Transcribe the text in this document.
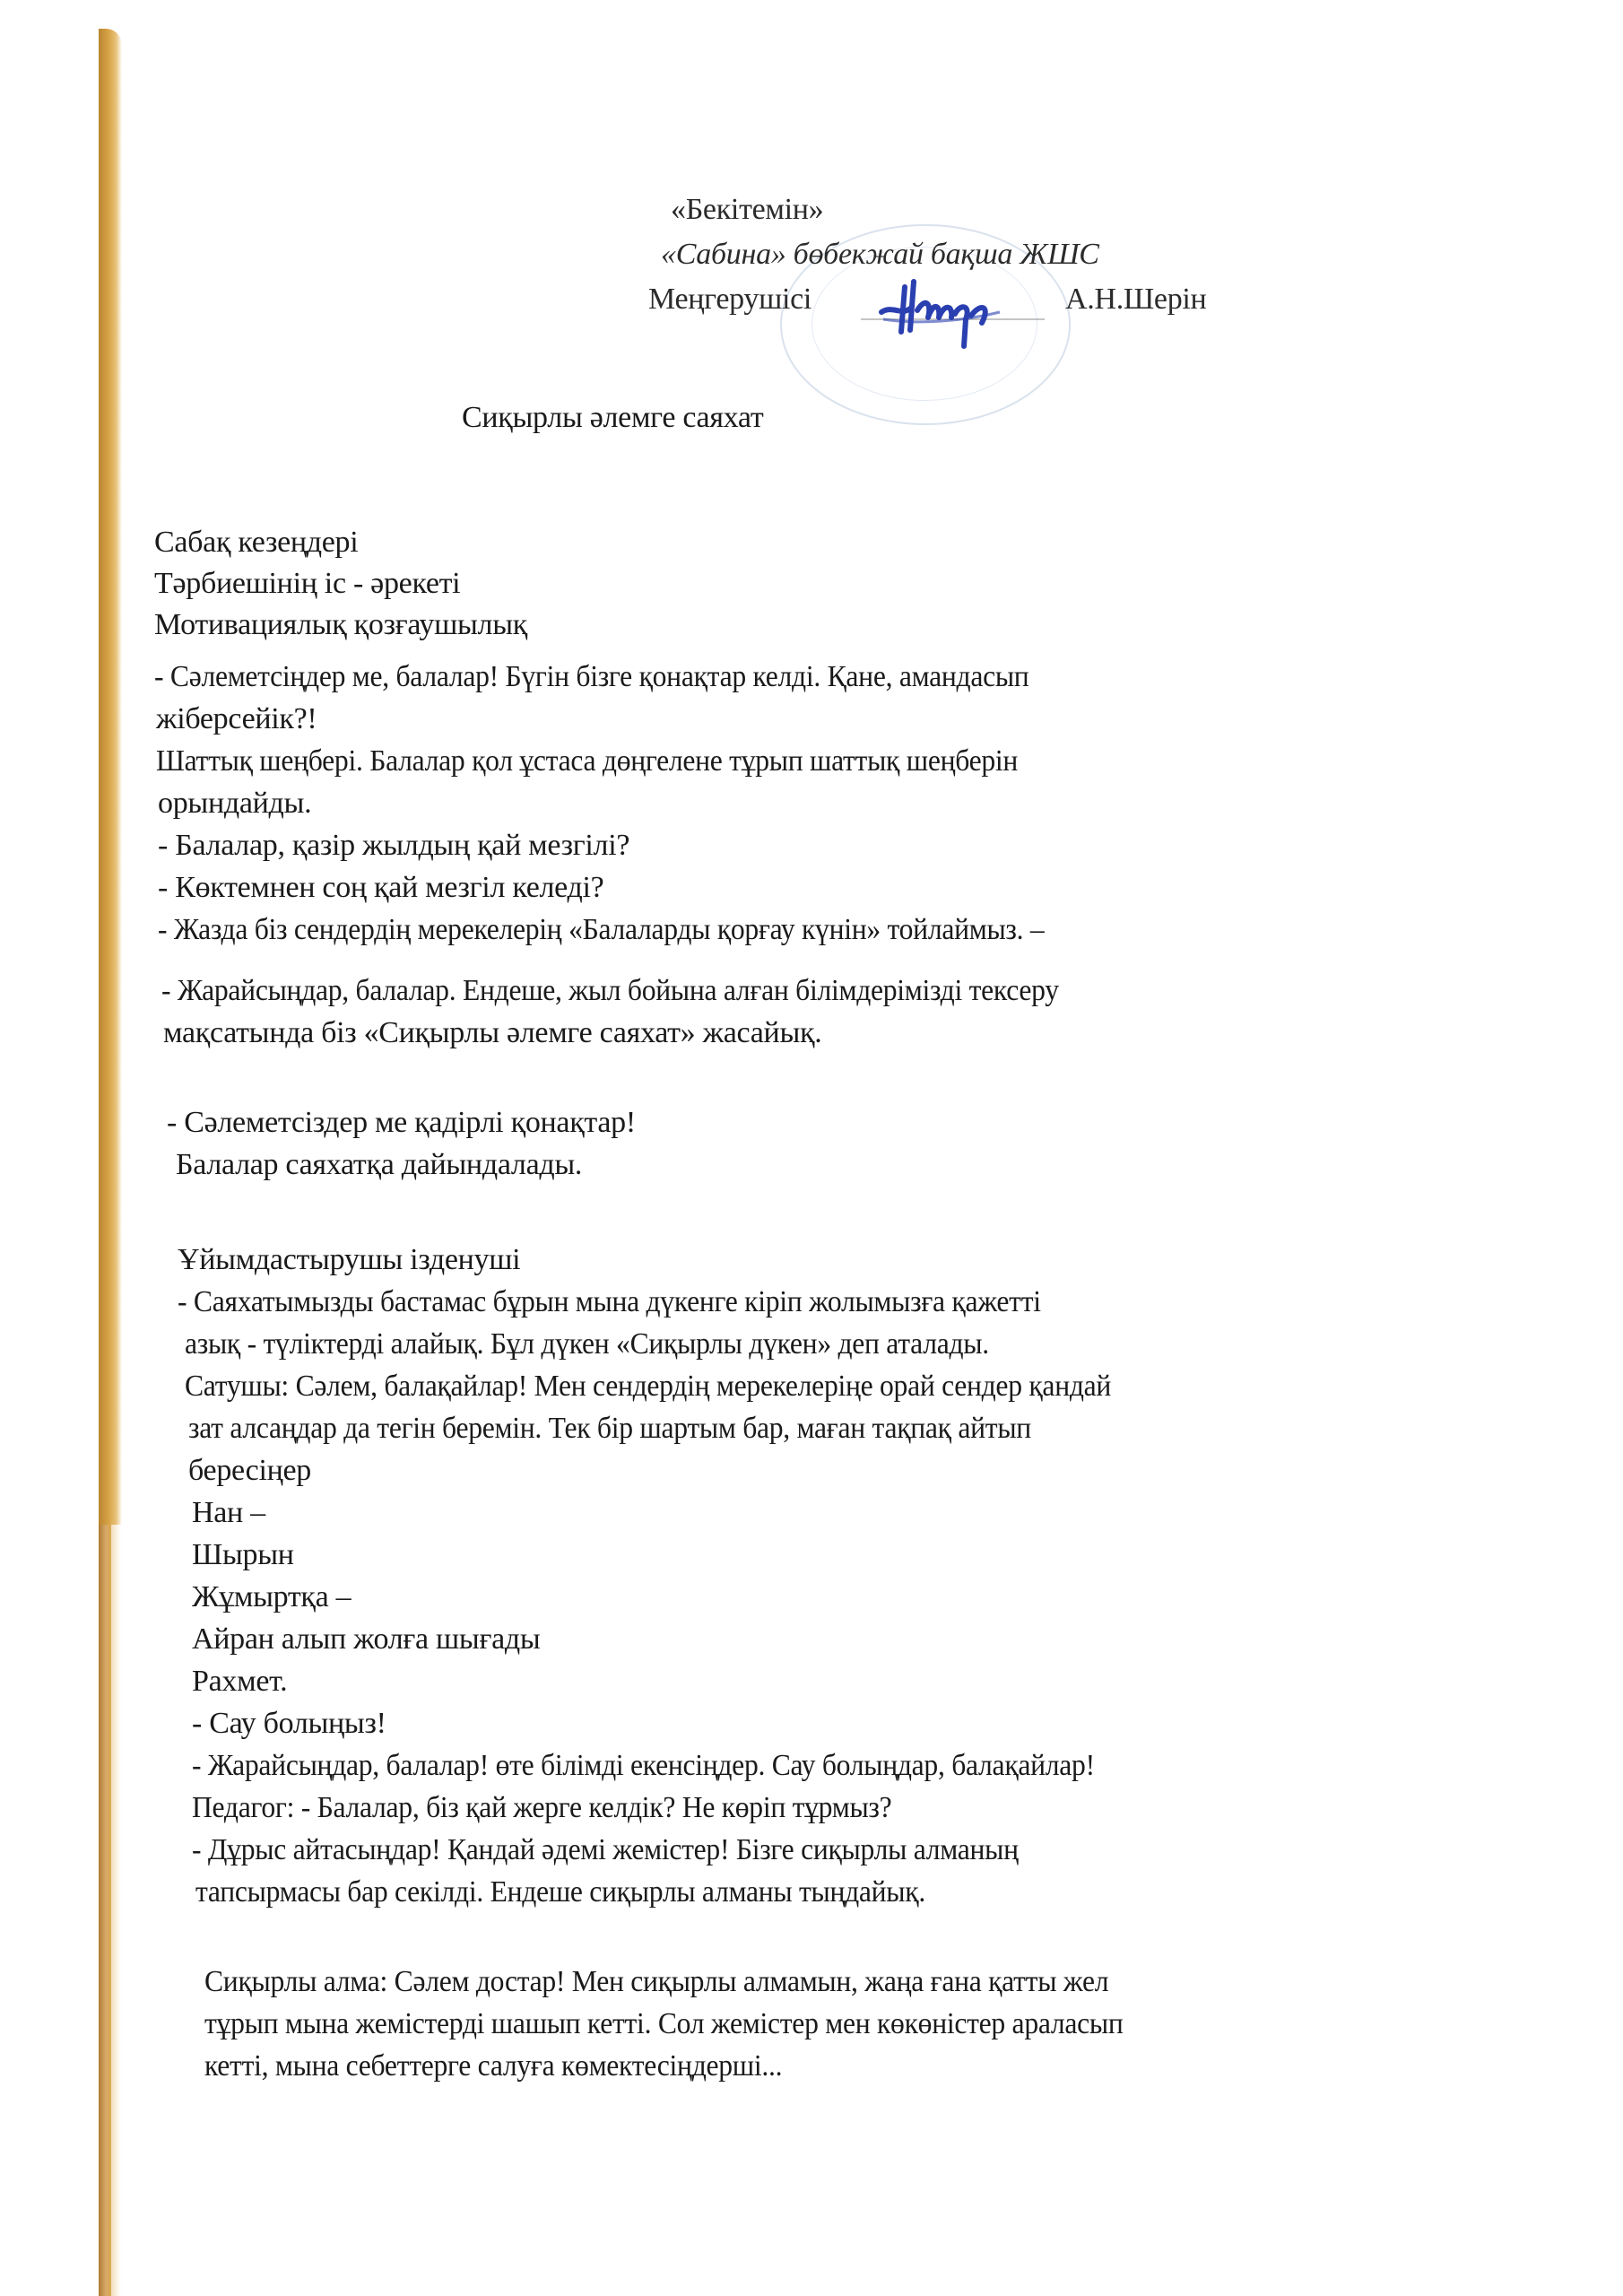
«Бекітемін»
«Сабина» бөбекжай бақша ЖШС
Меңгерушісі	А.Н.Шерін
Сиқырлы әлемге саяхат
Сабақ кезеңдері
Тәрбиешінің іс - әрекеті
Мотивациялық қозғаушылық
- Сәлеметсіңдер ме, балалар! Бүгін бізге қонақтар келді. Қане, амандасып
жіберсейік?!
Шаттық шеңбері. Балалар қол ұстаса дөңгелене тұрып шаттық шеңберін
орындайды.
- Балалар, қазір жылдың қай мезгілі?
- Көктемнен соң қай мезгіл келеді?
- Жазда біз сендердің мерекелерің «Балаларды қорғау күнін» тойлаймыз. –
- Жарайсыңдар, балалар. Ендеше, жыл бойына алған білімдерімізді тексеру
мақсатында біз «Сиқырлы әлемге саяхат» жасайық.
- Сәлеметсіздер ме қадірлі қонақтар!
Балалар саяхатқа дайындалады.
Ұйымдастырушы ізденуші
- Саяхатымызды бастамас бұрын мына дүкенге кіріп жолымызға қажетті
азық - түліктерді алайық. Бұл дүкен «Сиқырлы дүкен» деп аталады.
Сатушы: Сәлем, балақайлар! Мен сендердің мерекелеріңе орай сендер қандай
зат алсаңдар да тегін беремін. Тек бір шартым бар, маған тақпақ айтып
бересіңер
Нан –
Шырын
Жұмыртқа –
Айран алып жолға шығады
Рахмет.
- Сау болыңыз!
- Жарайсыңдар, балалар! өте білімді екенсіңдер. Сау болыңдар, балақайлар!
Педагог: - Балалар, біз қай жерге келдік? Не көріп тұрмыз?
- Дұрыс айтасыңдар! Қандай әдемі жемістер! Бізге сиқырлы алманың
тапсырмасы бар секілді. Ендеше сиқырлы алманы тыңдайық.
Сиқырлы алма: Сәлем достар! Мен сиқырлы алмамын, жаңа ғана қатты жел
тұрып мына жемістерді шашып кетті. Сол жемістер мен көкөністер араласып
кетті, мына себеттерге салуға көмектесіңдерші...
